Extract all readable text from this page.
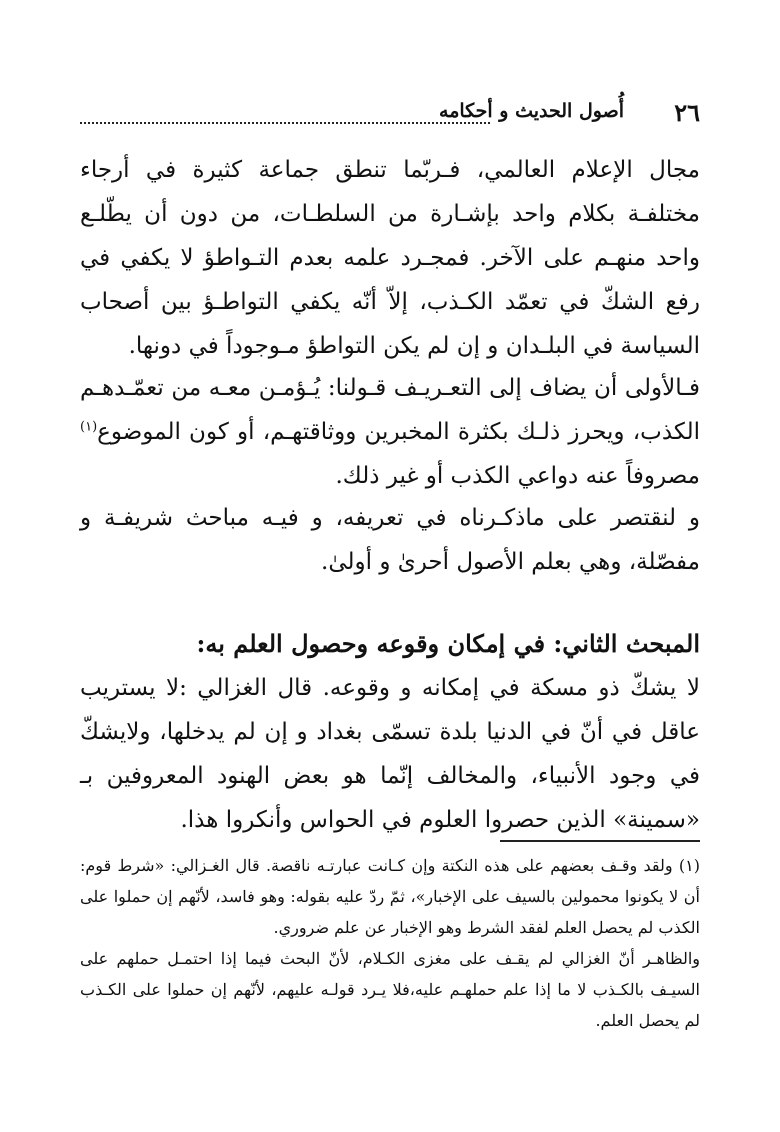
٢٦
أُصول الحديث و أحكامه

مجال الإعلام العالمي، فـربّما تنطق جماعة كثيرة في أرجاء مختلفـة بكلام واحد بإشـارة من السلطـات، من دون أن يطّلـع واحد منهـم على الآخر. فمجـرد علمه بعدم التـواطؤ لا يكفي في رفع الشكّ في تعمّد الكـذب، إلاّ أنّه يكفي التواطـؤ بين أصحاب السياسة في البلـدان و إن لم يكن التواطؤ مـوجوداً في دونها.

فـالأولى أن يضاف إلى التعـريـف قـولنا: يُـؤمـن معـه من تعمّـدهـم الكذب، ويحرز ذلـك بكثرة المخبرين ووثاقتهـم، أو كون الموضوع$^{(١)}$ مصروفاً عنه دواعي الكذب أو غير ذلك.

و لنقتصر على ماذكـرناه في تعريفه، و فيـه مباحث شريفـة و مفصّلة، وهي بعلم الأصول أحرىٰ و أولىٰ.

المبحث الثاني: في إمكان وقوعه وحصول العلم به:

لا يشكّ ذو مسكة في إمكانه و وقوعه. قال الغزالي :لا يستريب عاقل في أنّ في الدنيا بلدة تسمّى بغداد و إن لم يدخلها، ولايشكّ في وجود الأنبياء، والمخالف إنّما هو بعض الهنود المعروفين بـ «سمينة» الذين حصروا العلوم في الحواس وأنكروا هذا.

(١) ولقد وقـف بعضهم على هذه النكتة وإن كـانت عبارتـه ناقصة. قال الغـزالي: «شرط قوم: أن لا يكونوا محمولين بالسيف على الإخبار»، ثمّ ردّ عليه بقوله: وهو فاسد، لأنّهم إن حملوا على الكذب لم يحصل العلم لفقد الشرط وهو الإخبار عن علم ضروري.

والظاهـر أنّ الغزالي لم يقـف على مغزى الكـلام، لأنّ البحث فيما إذا احتمـل حملهم على السيـف بالكـذب لا ما إذا علم حملهـم عليه،فلا يـرد قولـه عليهم، لأنّهم إن حملوا على الكـذب لم يحصل العلم.
